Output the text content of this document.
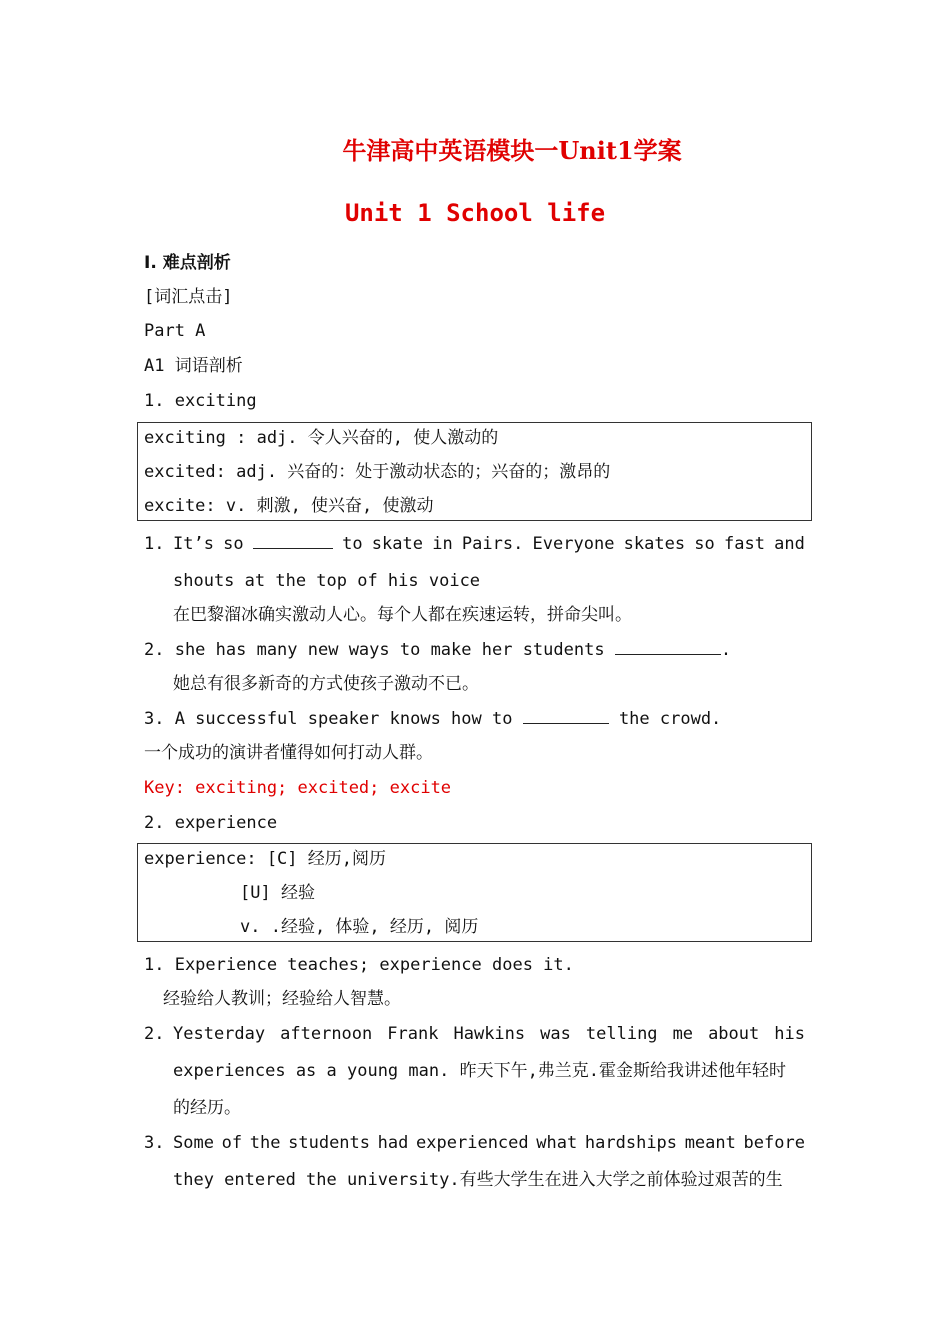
牛津高中英语模块一Unit1学案
Unit 1 School life
I. 难点剖析
[词汇点击]
Part A
A1 词语剖析
1. exciting
exciting : adj. 令人兴奋的, 使人激动的
excited: adj. 兴奋的：处于激动状态的；兴奋的；激昂的
excite: v. 刺激, 使兴奋, 使激动
1. It’s so	to skate in Pairs. Everyone skates so fast and
shouts at the top of his voice
在巴黎溜冰确实激动人心。每个人都在疾速运转，拼命尖叫。
2. she has many new ways to make her students	.
她总有很多新奇的方式使孩子激动不已。
3. A successful speaker knows how to	the crowd.
一个成功的演讲者懂得如何打动人群。
Key: exciting; excited; excite
2. experience
experience: [C] 经历,阅历
[U] 经验
v. .经验, 体验, 经历, 阅历
1. Experience teaches; experience does it.
经验给人教训；经验给人智慧。
2. Yesterday afternoon Frank Hawkins was telling me about his
experiences as a young man. 昨天下午,弗兰克.霍金斯给我讲述他年轻时
的经历。
3. Some of the students had experienced what hardships meant before
they entered the university.有些大学生在进入大学之前体验过艰苦的生
